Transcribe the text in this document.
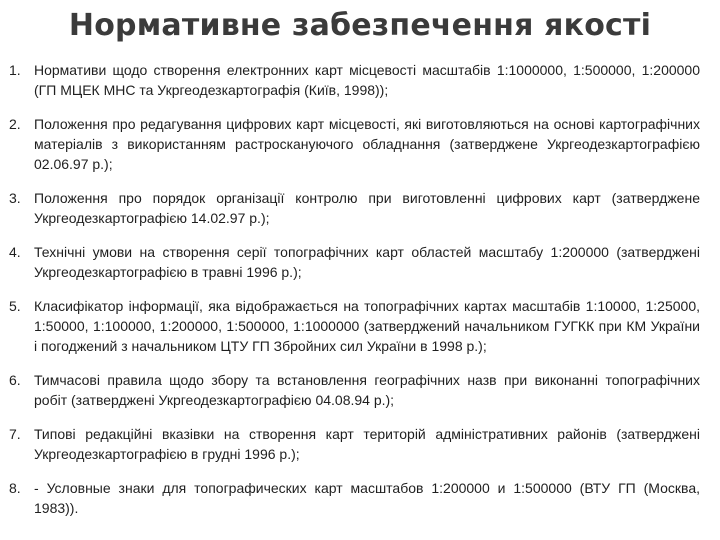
Нормативне забезпечення якості
1. Нормативи щодо створення електронних карт місцевості масштабів 1:1000000, 1:500000, 1:200000 (ГП МЦЕК МНС та Укргеодезкартографія (Київ, 1998));
2. Положення про редагування цифрових карт місцевості, які виготовляються на основі картографічних матеріалів з використанням растроскануючого обладнання (затверджене Укргеодезкартографією 02.06.97 р.);
3. Положення про порядок організації контролю при виготовленні цифрових карт (затверджене Укргеодезкартографією 14.02.97 р.);
4. Технічні умови на створення серії топографічних карт областей масштабу 1:200000 (затверджені Укргеодезкартографією в травні 1996 р.);
5. Класифікатор інформації, яка відображається на топографічних картах масштабів 1:10000, 1:25000, 1:50000, 1:100000, 1:200000, 1:500000, 1:1000000 (затверджений начальником ГУГКК при КМ України і погоджений з начальником ЦТУ ГП Збройних сил України в 1998 р.);
6. Тимчасові правила щодо збору та встановлення географічних назв при виконанні топографічних робіт (затверджені Укргеодезкартографією 04.08.94 р.);
7. Типові редакційні вказівки на створення карт територій адміністративних районів (затверджені Укргеодезкартографією в грудні 1996 р.);
8. - Условные знаки для топографических карт масштабов 1:200000 и 1:500000 (ВТУ ГП (Москва, 1983)).
